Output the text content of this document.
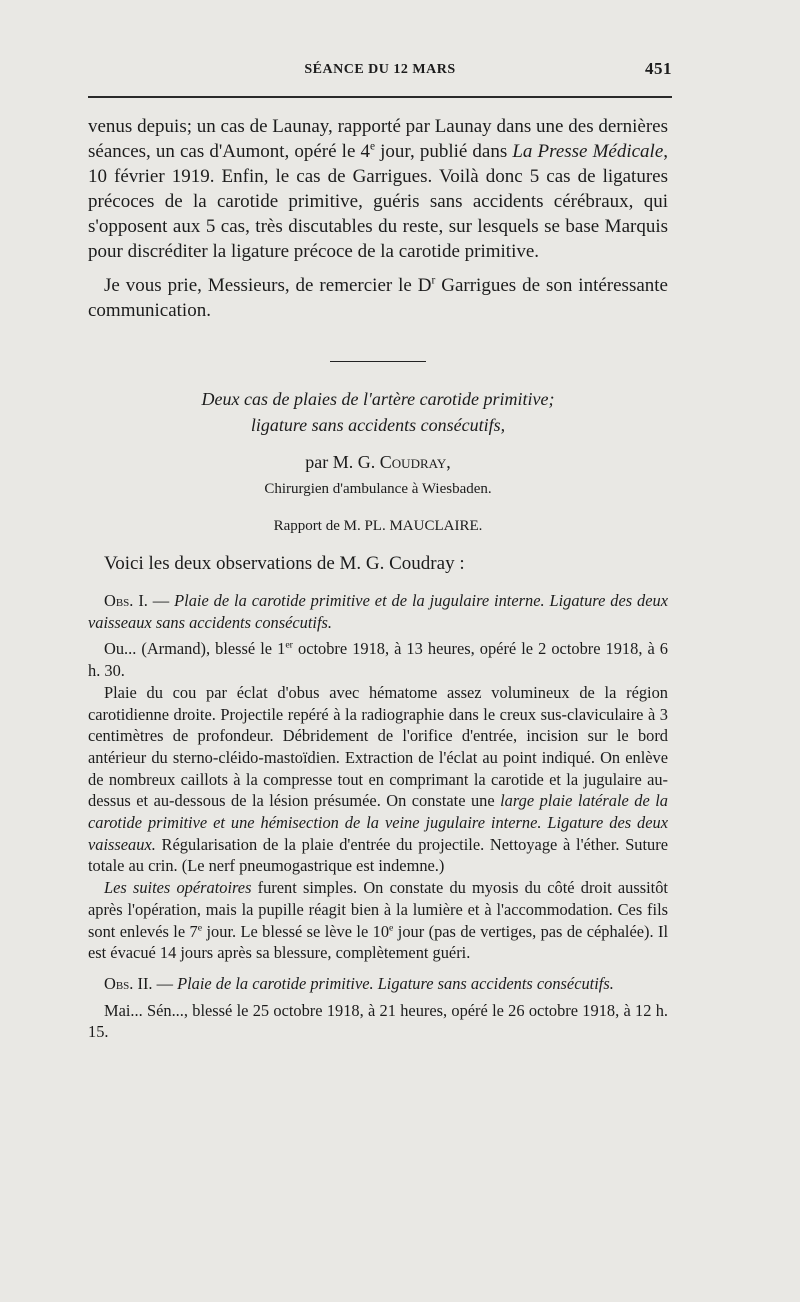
SÉANCE DU 12 MARS	451

venus depuis; un cas de Launay, rapporté par Launay dans une des dernières séances, un cas d'Aumont, opéré le 4e jour, publié dans La Presse Médicale, 10 février 1919. Enfin, le cas de Garrigues. Voilà donc 5 cas de ligatures précoces de la carotide primitive, guéris sans accidents cérébraux, qui s'opposent aux 5 cas, très discutables du reste, sur lesquels se base Marquis pour discréditer la ligature précoce de la carotide primitive.

Je vous prie, Messieurs, de remercier le $D^r$ Garrigues de son intéressante communication.

Deux cas de plaies de l'artère carotide primitive;
ligature sans accidents consécutifs,
par M. G. Coudray,
Chirurgien d'ambulance à Wiesbaden.
Rapport de M. PL. MAUCLAIRE.

Voici les deux observations de M. G. Coudray :

Obs. I. — Plaie de la carotide primitive et de la jugulaire interne. Ligature des deux vaisseaux sans accidents consécutifs.

Ou... (Armand), blessé le 1er octobre 1918, à 13 heures, opéré le 2 octobre 1918, à 6 h. 30.

Plaie du cou par éclat d'obus avec hématome assez volumineux de la région carotidienne droite. Projectile repéré à la radiographie dans le creux sus-claviculaire à 3 centimètres de profondeur. Débridement de l'orifice d'entrée, incision sur le bord antérieur du sterno-cléido-mastoïdien. Extraction de l'éclat au point indiqué. On enlève de nombreux caillots à la compresse tout en comprimant la carotide et la jugulaire au-dessus et au-dessous de la lésion présumée. On constate une large plaie latérale de la carotide primitive et une hémisection de la veine jugulaire interne. Ligature des deux vaisseaux. Régularisation de la plaie d'entrée du projectile. Nettoyage à l'éther. Suture totale au crin. (Le nerf pneumogastrique est indemne.)

Les suites opératoires furent simples. On constate du myosis du côté droit aussitôt après l'opération, mais la pupille réagit bien à la lumière et à l'accommodation. Ces fils sont enlevés le 7e jour. Le blessé se lève le 10e jour (pas de vertiges, pas de céphalée). Il est évacué 14 jours après sa blessure, complètement guéri.

Obs. II. — Plaie de la carotide primitive. Ligature sans accidents consécutifs.

Mai... Sén..., blessé le 25 octobre 1918, à 21 heures, opéré le 26 octobre 1918, à 12 h. 15.
